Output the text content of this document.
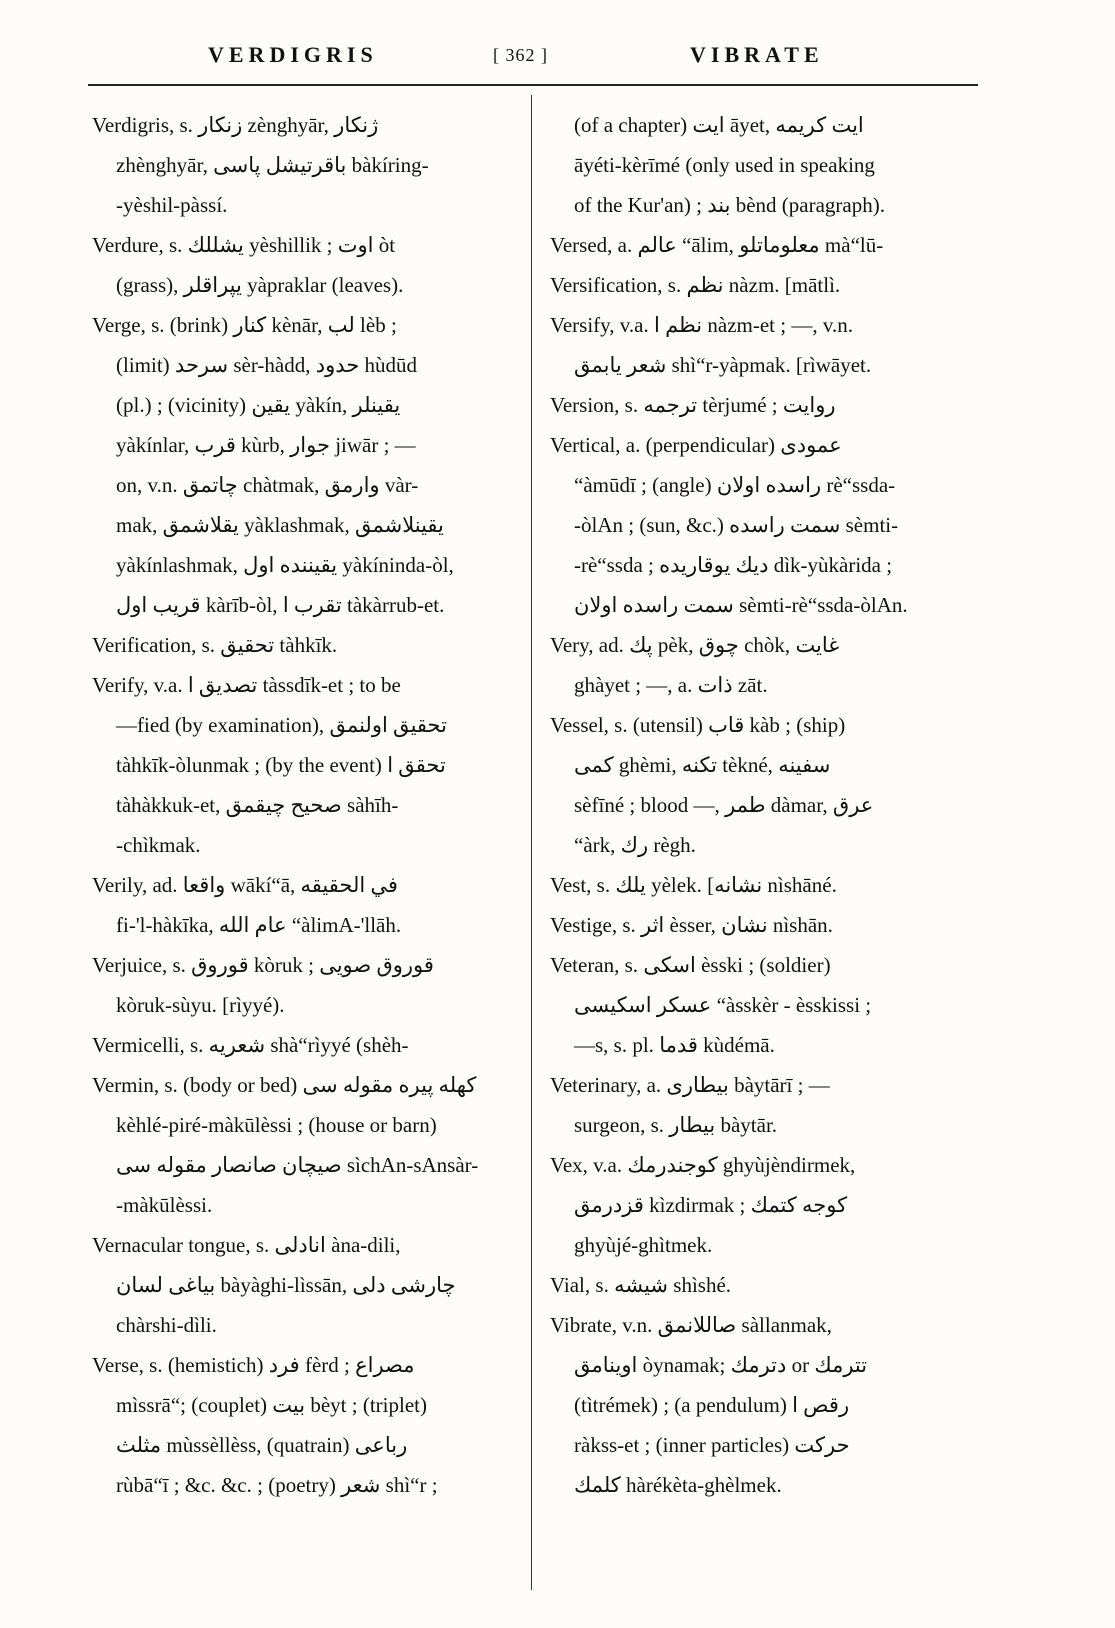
VERDIGRIS	[ 362 ]	VIBRATE
Verdigris, s. زنكار zènghyār, ژنكار
zhènghyār, باقرتيشل پاسى bàkíring-
-yèshil-pàssí.
Verdure, s. يشللك yèshillik ; اوت òt
(grass), يپراقلر yàpraklar (leaves).
Verge, s. (brink) كنار kènār, لب lèb ;
(limit) سرحد sèr-hàdd, حدود hùdūd
(pl.) ; (vicinity) يقين yàkín, يقينلر
yàkínlar, قرب kùrb, جوار jiwār ; —
on, v.n. چاتمق chàtmak, وارمق vàr-
mak, يقلاشمق yàklashmak, يقينلاشمق
yàkínlashmak, يقيننده اول yàkíninda-òl,
قريب اول kàrīb-òl, تقرب ا tàkàrrub-et.
Verification, s. تحقيق tàhkīk.
Verify, v.a. تصديق ا tàssdīk-et ; to be
—fied (by examination), تحقيق اولنمق
tàhkīk-òlunmak ; (by the event) تحقق ا
tàhàkkuk-et, صحيح چيقمق sàhīh-
-chìkmak.
Verily, ad. واقعا wākí“ā, في الحقيقه
fi-'l-hàkīka, عام الله “àlimA-'llāh.
Verjuice, s. قوروق kòruk ; قوروق صويى
kòruk-sùyu. [rìyyé).
Vermicelli, s. شعريه shà“rìyyé (shèh-
Vermin, s. (body or bed) كهله پيره مقوله سى
kèhlé-piré-màkūlèssi ; (house or barn)
صيچان صانصار مقوله سى sìchAn-sAnsàr-
-màkūlèssi.
Vernacular tongue, s. انادلى àna-dili,
بياغى لسان bàyàghi-lìssān, چارشى دلى
chàrshi-dìli.
Verse, s. (hemistich) فرد fèrd ; مصراع
mìssrā“; (couplet) بيت bèyt ; (triplet)
مثلث mùssèllèss, (quatrain) رباعى
rùbā“ī ; &c. &c. ; (poetry) شعر shì“r ;
(of a chapter) ايت āyet, ايت كريمه
āyéti-kèrīmé (only used in speaking
of the Kur'an) ; بند bènd (paragraph).
Versed, a. عالم “ālim, معلوماتلو mà“lū-
Versification, s. نظم nàzm. [mātlì.
Versify, v.a. نظم ا nàzm-et ; —, v.n.
شعر يابمق shì“r-yàpmak. [rìwāyet.
Version, s. ترجمه tèrjumé ; روايت
Vertical, a. (perpendicular) عمودى
“àmūdī ; (angle) راسده اولان rè“ssda-
-òlAn ; (sun, &c.) سمت راسده sèmti-
-rè“ssda ; ديك يوقاريده dìk-yùkàrida ;
سمت راسده اولان sèmti-rè“ssda-òlAn.
Very, ad. پك pèk, چوق chòk, غايت
ghàyet ; —, a. ذات zāt.
Vessel, s. (utensil) قاب kàb ; (ship)
كمى ghèmi, تكنه tèkné, سفينه
sèfīné ; blood —, طمر dàmar, عرق
“àrk, رك règh.
Vest, s. يلك yèlek. [نشانه nìshāné.
Vestige, s. اثر èsser, نشان nìshān.
Veteran, s. اسكى èsski ; (soldier)
عسكر اسكيسى “àsskèr - èsskissi ;
—s, s. pl. قدما kùdémā.
Veterinary, a. بيطارى bàytārī ; —
surgeon, s. بيطار bàytār.
Vex, v.a. كوجندرمك ghyùjèndirmek,
قزدرمق kìzdirmak ; كوجه كتمك
ghyùjé-ghìtmek.
Vial, s. شيشه shìshé.
Vibrate, v.n. صاللانمق sàllanmak,
اوينامق òynamak; دترمك or تترمك
(tìtrémek) ; (a pendulum) رقص ا
ràkss-et ; (inner particles) حركت
كلمك hàrékèta-ghèlmek.
